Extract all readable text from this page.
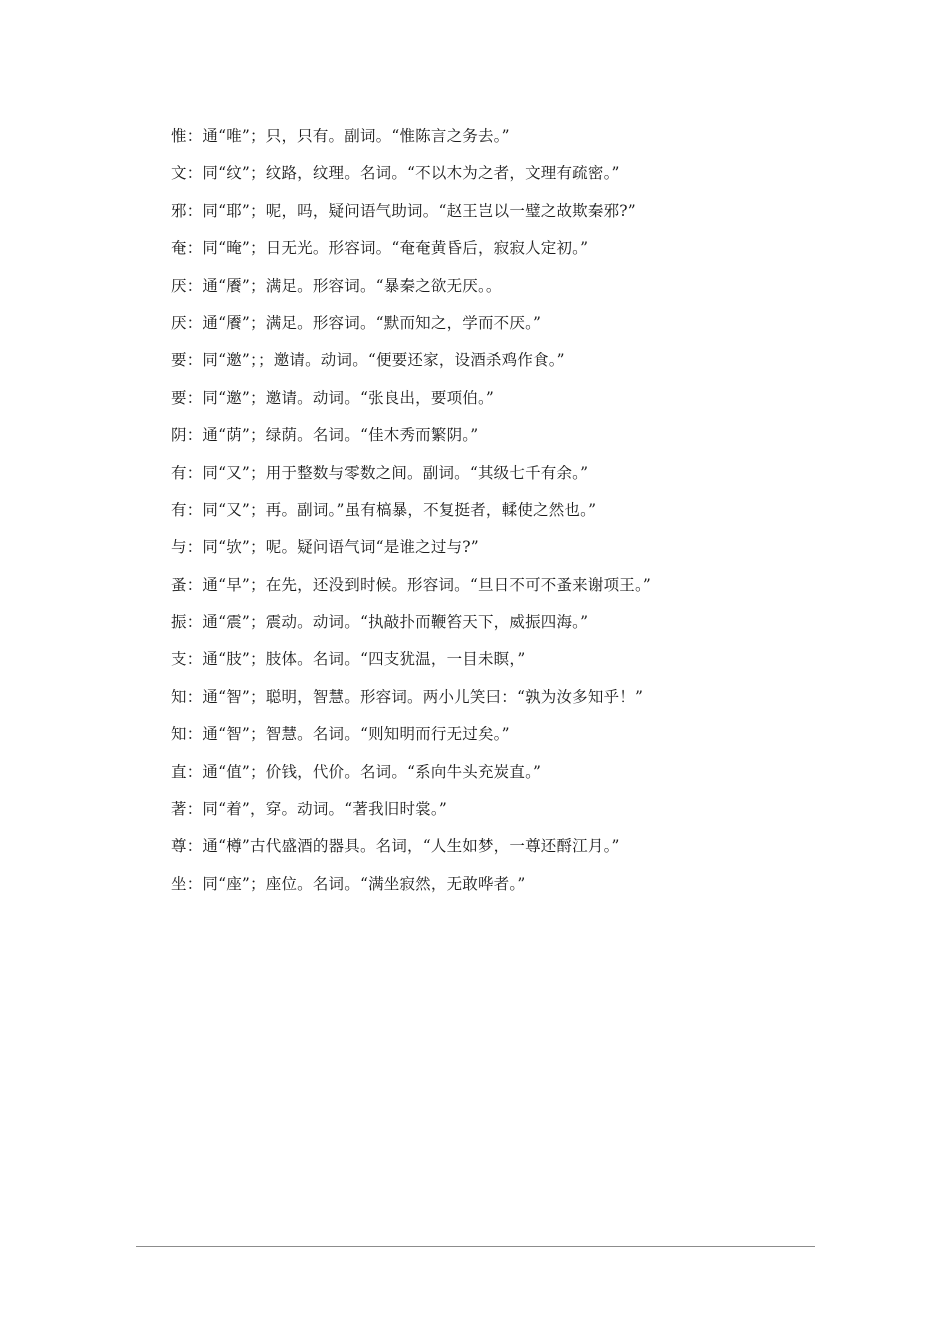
惟：通“唯”；只，只有。副词。“惟陈言之务去。”
文：同“纹”；纹路，纹理。名词。“不以木为之者，文理有疏密。”
邪：同“耶”；呢，吗，疑问语气助词。“赵王岂以一璧之故欺秦邪?”
奄：同“晻”；日无光。形容词。“奄奄黄昏后，寂寂人定初。”
厌：通“餍”；满足。形容词。“暴秦之欲无厌。。
厌：通“餍”；满足。形容词。“默而知之，学而不厌。”
要：同“邀”；；邀请。动词。“便要还家，设酒杀鸡作食。”
要：同“邀”；邀请。动词。“张良出，要项伯。”
阴：通“荫”；绿荫。名词。“佳木秀而繁阴。”
有：同“又”；用于整数与零数之间。副词。“其级七千有余。”
有：同“又”；再。副词。”虽有槁暴，不复挺者，輮使之然也。”
与：同“欤”；呢。疑问语气词“是谁之过与?”
蚤：通“早”；在先，还没到时候。形容词。“旦日不可不蚤来谢项王。”
振：通“震”；震动。动词。“执敲扑而鞭笞天下，威振四海。”
支：通“肢”；肢体。名词。“四支犹温，一目未瞑，”
知：通“智”；聪明，智慧。形容词。两小儿笑曰：“孰为汝多知乎！”
知：通“智”；智慧。名词。“则知明而行无过矣。”
直：通“值”；价钱，代价。名词。“系向牛头充炭直。”
著：同“着”，穿。动词。“著我旧时裳。”
尊：通“樽”古代盛酒的器具。名词，“人生如梦，一尊还酹江月。”
坐：同“座”；座位。名词。“满坐寂然，无敢哗者。”
